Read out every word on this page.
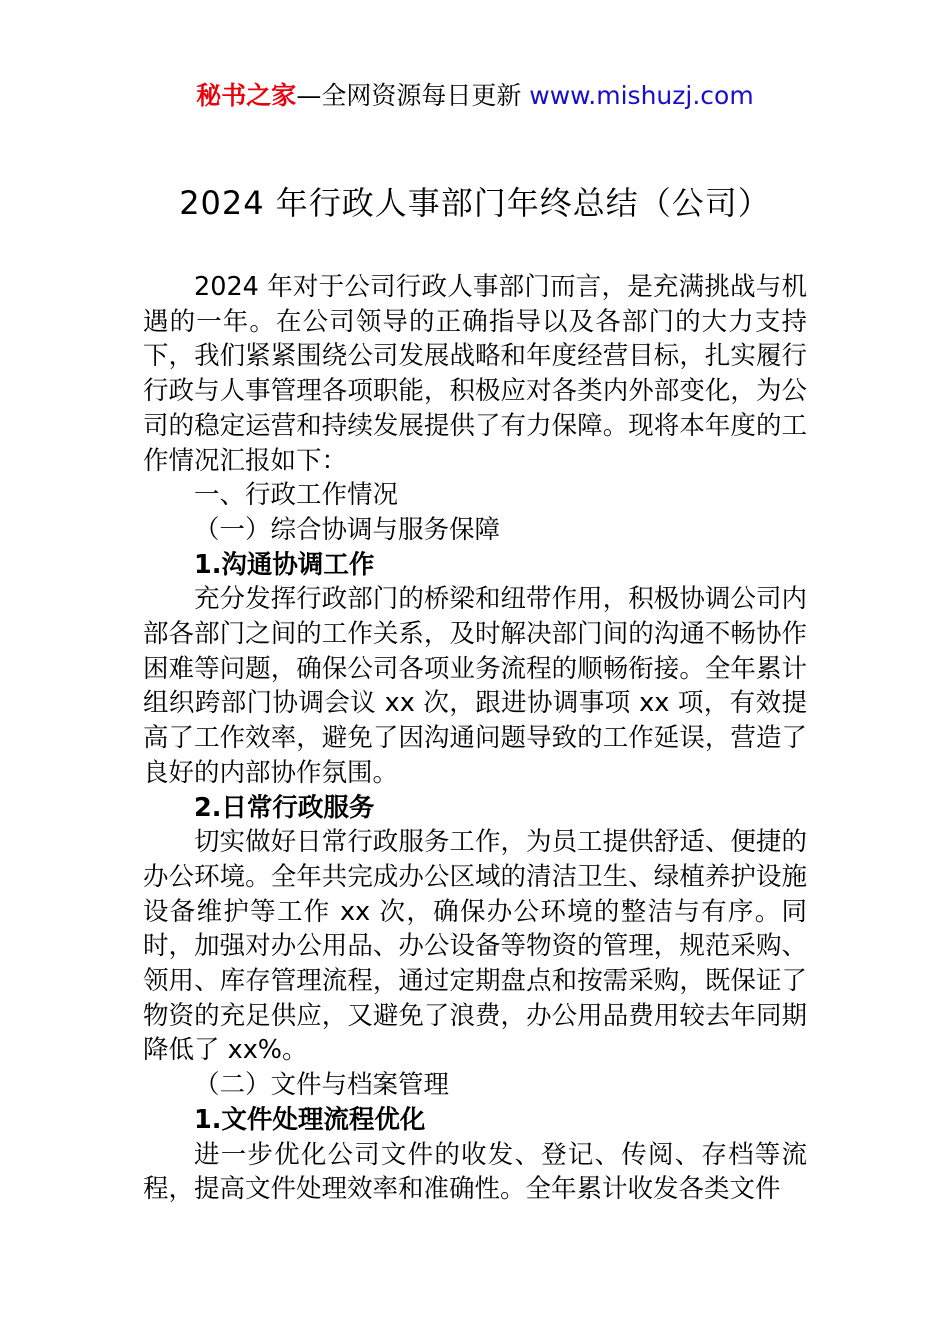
秘书之家—全网资源每日更新 www.mishuzj.com
2024 年行政人事部门年终总结（公司）

2024 年对于公司行政人事部门而言，是充满挑战与机遇的一年。在公司领导的正确指导以及各部门的大力支持下，我们紧紧围绕公司发展战略和年度经营目标，扎实履行行政与人事管理各项职能，积极应对各类内外部变化，为公司的稳定运营和持续发展提供了有力保障。现将本年度的工作情况汇报如下：

一、行政工作情况

（一）综合协调与服务保障

1.沟通协调工作

充分发挥行政部门的桥梁和纽带作用，积极协调公司内部各部门之间的工作关系，及时解决部门间的沟通不畅协作困难等问题，确保公司各项业务流程的顺畅衔接。全年累计组织跨部门协调会议 xx 次，跟进协调事项 xx 项，有效提高了工作效率，避免了因沟通问题导致的工作延误，营造了良好的内部协作氛围。

2.日常行政服务

切实做好日常行政服务工作，为员工提供舒适、便捷的办公环境。全年共完成办公区域的清洁卫生、绿植养护设施设备维护等工作 xx 次，确保办公环境的整洁与有序。同时，加强对办公用品、办公设备等物资的管理，规范采购、领用、库存管理流程，通过定期盘点和按需采购，既保证了物资的充足供应，又避免了浪费，办公用品费用较去年同期降低了 xx%。

（二）文件与档案管理

1.文件处理流程优化

进一步优化公司文件的收发、登记、传阅、存档等流程，提高文件处理效率和准确性。全年累计收发各类文件
